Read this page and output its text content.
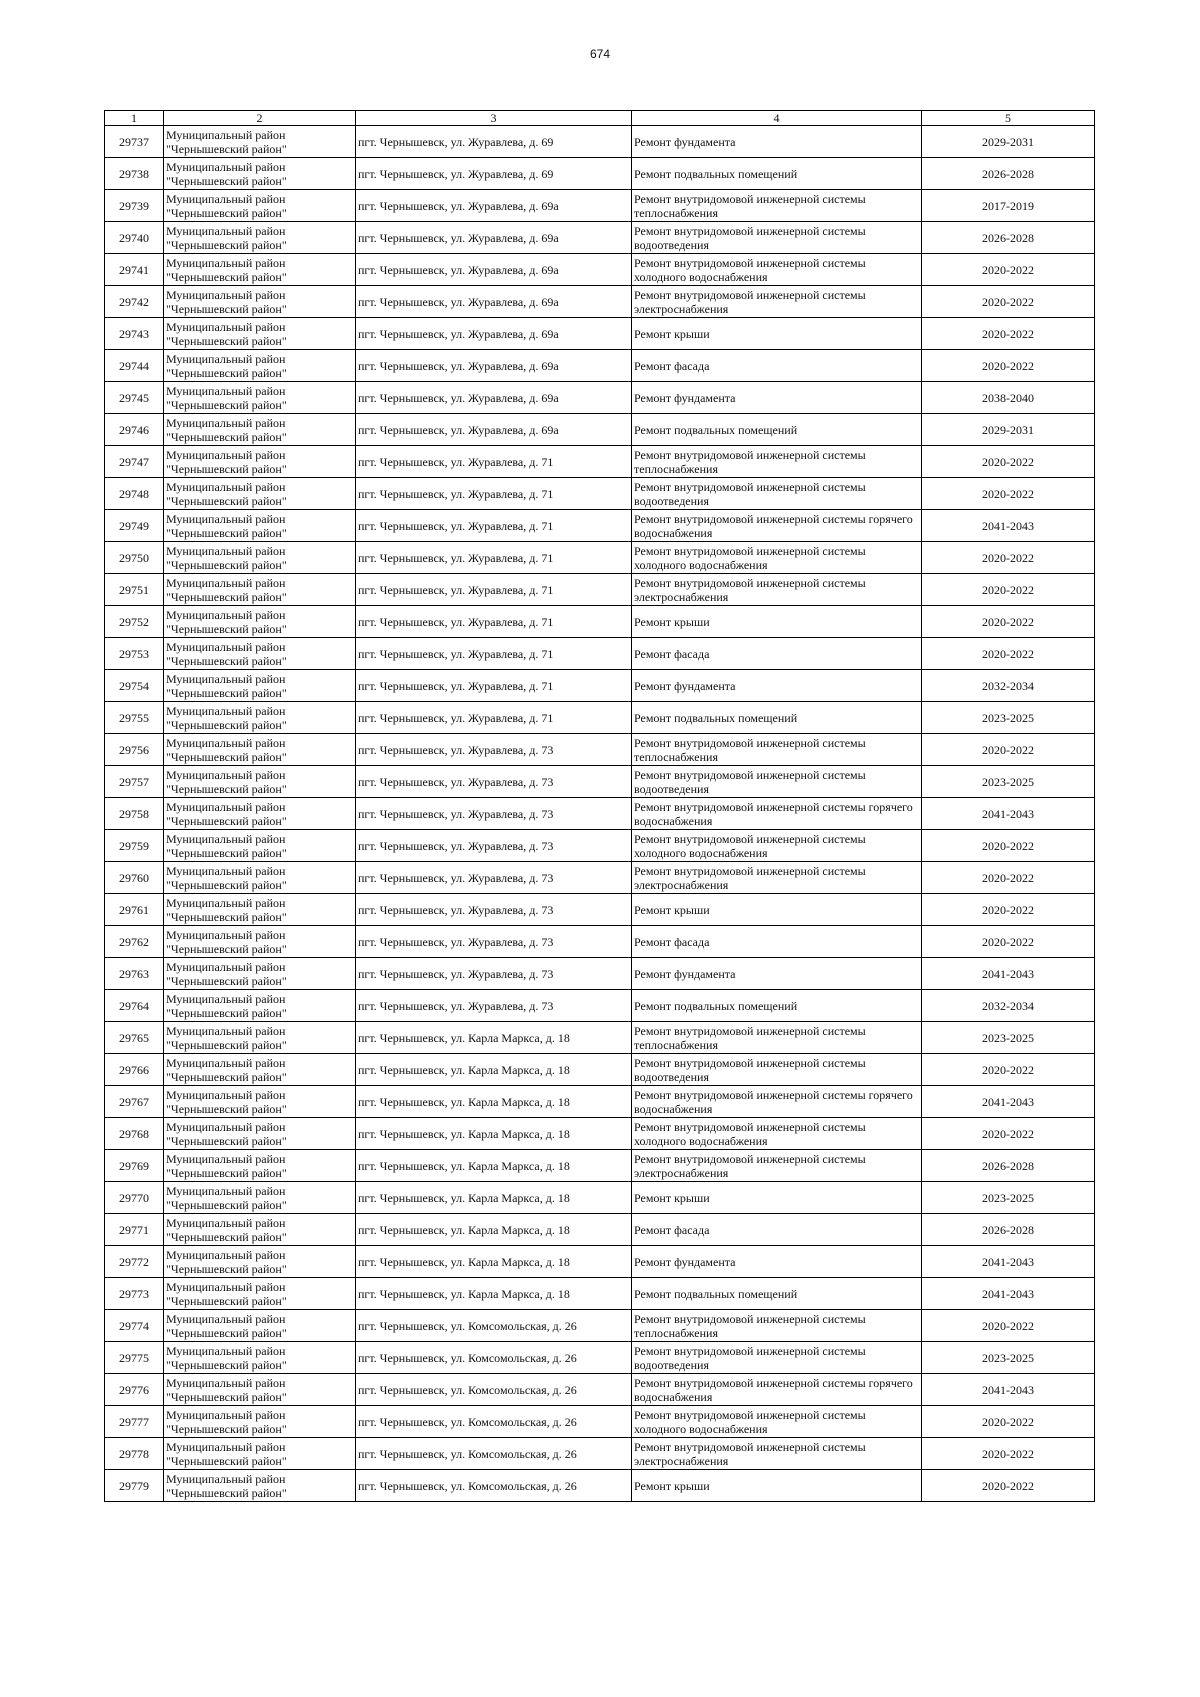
674
1	2	3	4	5
29737	Муниципальный район "Чернышевский район"	пгт. Чернышевск, ул. Журавлева, д. 69	Ремонт фундамента	2029-2031
29738	Муниципальный район "Чернышевский район"	пгт. Чернышевск, ул. Журавлева, д. 69	Ремонт подвальных помещений	2026-2028
29739	Муниципальный район "Чернышевский район"	пгт. Чернышевск, ул. Журавлева, д. 69а	Ремонт внутридомовой инженерной системы теплоснабжения	2017-2019
29740	Муниципальный район "Чернышевский район"	пгт. Чернышевск, ул. Журавлева, д. 69а	Ремонт внутридомовой инженерной системы водоотведения	2026-2028
29741	Муниципальный район "Чернышевский район"	пгт. Чернышевск, ул. Журавлева, д. 69а	Ремонт внутридомовой инженерной системы холодного водоснабжения	2020-2022
29742	Муниципальный район "Чернышевский район"	пгт. Чернышевск, ул. Журавлева, д. 69а	Ремонт внутридомовой инженерной системы электроснабжения	2020-2022
29743	Муниципальный район "Чернышевский район"	пгт. Чернышевск, ул. Журавлева, д. 69а	Ремонт крыши	2020-2022
29744	Муниципальный район "Чернышевский район"	пгт. Чернышевск, ул. Журавлева, д. 69а	Ремонт фасада	2020-2022
29745	Муниципальный район "Чернышевский район"	пгт. Чернышевск, ул. Журавлева, д. 69а	Ремонт фундамента	2038-2040
29746	Муниципальный район "Чернышевский район"	пгт. Чернышевск, ул. Журавлева, д. 69а	Ремонт подвальных помещений	2029-2031
29747	Муниципальный район "Чернышевский район"	пгт. Чернышевск, ул. Журавлева, д. 71	Ремонт внутридомовой инженерной системы теплоснабжения	2020-2022
29748	Муниципальный район "Чернышевский район"	пгт. Чернышевск, ул. Журавлева, д. 71	Ремонт внутридомовой инженерной системы водоотведения	2020-2022
29749	Муниципальный район "Чернышевский район"	пгт. Чернышевск, ул. Журавлева, д. 71	Ремонт внутридомовой инженерной системы горячего водоснабжения	2041-2043
29750	Муниципальный район "Чернышевский район"	пгт. Чернышевск, ул. Журавлева, д. 71	Ремонт внутридомовой инженерной системы холодного водоснабжения	2020-2022
29751	Муниципальный район "Чернышевский район"	пгт. Чернышевск, ул. Журавлева, д. 71	Ремонт внутридомовой инженерной системы электроснабжения	2020-2022
29752	Муниципальный район "Чернышевский район"	пгт. Чернышевск, ул. Журавлева, д. 71	Ремонт крыши	2020-2022
29753	Муниципальный район "Чернышевский район"	пгт. Чернышевск, ул. Журавлева, д. 71	Ремонт фасада	2020-2022
29754	Муниципальный район "Чернышевский район"	пгт. Чернышевск, ул. Журавлева, д. 71	Ремонт фундамента	2032-2034
29755	Муниципальный район "Чернышевский район"	пгт. Чернышевск, ул. Журавлева, д. 71	Ремонт подвальных помещений	2023-2025
29756	Муниципальный район "Чернышевский район"	пгт. Чернышевск, ул. Журавлева, д. 73	Ремонт внутридомовой инженерной системы теплоснабжения	2020-2022
29757	Муниципальный район "Чернышевский район"	пгт. Чернышевск, ул. Журавлева, д. 73	Ремонт внутридомовой инженерной системы водоотведения	2023-2025
29758	Муниципальный район "Чернышевский район"	пгт. Чернышевск, ул. Журавлева, д. 73	Ремонт внутридомовой инженерной системы горячего водоснабжения	2041-2043
29759	Муниципальный район "Чернышевский район"	пгт. Чернышевск, ул. Журавлева, д. 73	Ремонт внутридомовой инженерной системы холодного водоснабжения	2020-2022
29760	Муниципальный район "Чернышевский район"	пгт. Чернышевск, ул. Журавлева, д. 73	Ремонт внутридомовой инженерной системы электроснабжения	2020-2022
29761	Муниципальный район "Чернышевский район"	пгт. Чернышевск, ул. Журавлева, д. 73	Ремонт крыши	2020-2022
29762	Муниципальный район "Чернышевский район"	пгт. Чернышевск, ул. Журавлева, д. 73	Ремонт фасада	2020-2022
29763	Муниципальный район "Чернышевский район"	пгт. Чернышевск, ул. Журавлева, д. 73	Ремонт фундамента	2041-2043
29764	Муниципальный район "Чернышевский район"	пгт. Чернышевск, ул. Журавлева, д. 73	Ремонт подвальных помещений	2032-2034
29765	Муниципальный район "Чернышевский район"	пгт. Чернышевск, ул. Карла Маркса, д. 18	Ремонт внутридомовой инженерной системы теплоснабжения	2023-2025
29766	Муниципальный район "Чернышевский район"	пгт. Чернышевск, ул. Карла Маркса, д. 18	Ремонт внутридомовой инженерной системы водоотведения	2020-2022
29767	Муниципальный район "Чернышевский район"	пгт. Чернышевск, ул. Карла Маркса, д. 18	Ремонт внутридомовой инженерной системы горячего водоснабжения	2041-2043
29768	Муниципальный район "Чернышевский район"	пгт. Чернышевск, ул. Карла Маркса, д. 18	Ремонт внутридомовой инженерной системы холодного водоснабжения	2020-2022
29769	Муниципальный район "Чернышевский район"	пгт. Чернышевск, ул. Карла Маркса, д. 18	Ремонт внутридомовой инженерной системы электроснабжения	2026-2028
29770	Муниципальный район "Чернышевский район"	пгт. Чернышевск, ул. Карла Маркса, д. 18	Ремонт крыши	2023-2025
29771	Муниципальный район "Чернышевский район"	пгт. Чернышевск, ул. Карла Маркса, д. 18	Ремонт фасада	2026-2028
29772	Муниципальный район "Чернышевский район"	пгт. Чернышевск, ул. Карла Маркса, д. 18	Ремонт фундамента	2041-2043
29773	Муниципальный район "Чернышевский район"	пгт. Чернышевск, ул. Карла Маркса, д. 18	Ремонт подвальных помещений	2041-2043
29774	Муниципальный район "Чернышевский район"	пгт. Чернышевск, ул. Комсомольская, д. 26	Ремонт внутридомовой инженерной системы теплоснабжения	2020-2022
29775	Муниципальный район "Чернышевский район"	пгт. Чернышевск, ул. Комсомольская, д. 26	Ремонт внутридомовой инженерной системы водоотведения	2023-2025
29776	Муниципальный район "Чернышевский район"	пгт. Чернышевск, ул. Комсомольская, д. 26	Ремонт внутридомовой инженерной системы горячего водоснабжения	2041-2043
29777	Муниципальный район "Чернышевский район"	пгт. Чернышевск, ул. Комсомольская, д. 26	Ремонт внутридомовой инженерной системы холодного водоснабжения	2020-2022
29778	Муниципальный район "Чернышевский район"	пгт. Чернышевск, ул. Комсомольская, д. 26	Ремонт внутридомовой инженерной системы электроснабжения	2020-2022
29779	Муниципальный район "Чернышевский район"	пгт. Чернышевск, ул. Комсомольская, д. 26	Ремонт крыши	2020-2022
